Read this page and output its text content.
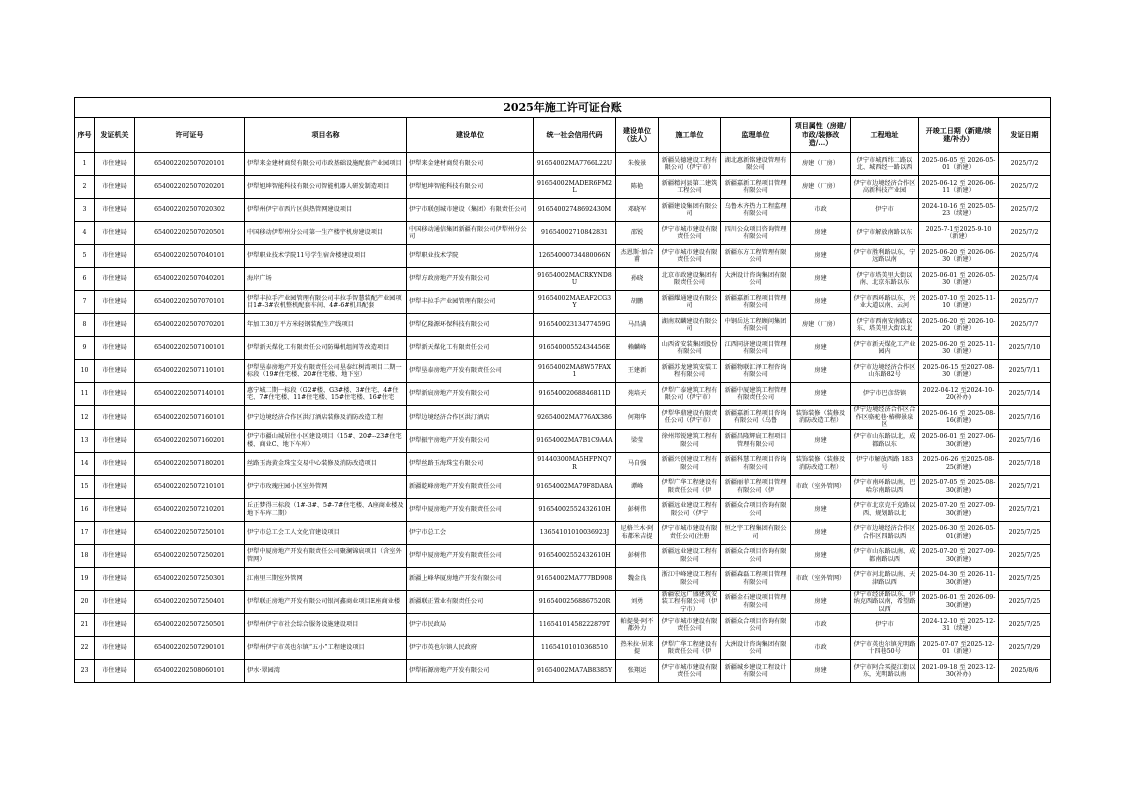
2025年施工许可证台账
序号	发证机关	许可证号	项目名称	建设单位	统一社会信用代码	建设单位（法人）	施工单位	监理单位	项目属性（房建/市政/装修改造/…）	工程地址	开竣工日期（新建/续建/补办）	发证日期
1	市住建局	654002202507020101	伊犁来金建材商贸有限公司市政基础设施配套产业园项目	伊犁来金建材商贸有限公司	91654002MA7766L22U	朱俊景	新疆吴德建设工程有限公司（伊宁市）	湖北惠新铭建设管理有限公司	房建（厂房）	伊宁市城西纬二路以北、城西经一路以西	2025-06-05 至 2026-05-01（新建）	2025/7/2
2	市住建局	654002202507020201	伊犁旭坤智能科技有限公司智能机器人研发制造项目	伊犁旭坤智能科技有限公司	91654002MADER6FM2L	陈艳	新疆精河县第二建筑工程公司	新疆嘉新工程项目管理有限公司	房建（厂房）	伊宁市边境经济合作区高新科技产业园	2025-06-12 至 2026-06-11（新建）	2025/7/2
3	市住建局	654002202507020302	伊犁州伊宁市西片区供热管网建设项目	伊宁市联创城市建设（集团）有限责任公司	91654002748692430M	邓晓军	新疆建设集团有限公司	乌鲁木齐热力工程监理有限公司	市政	伊宁市	2024-10-16 至 2025-05-23（续建）	2025/7/2
4	市住建局	654002202507020501	中国移动伊犁州分公司第一生产楼宇机房建设项目	中国移动通信集团新疆有限公司伊犁州分公司	91654002710842831	邵锐	伊宁市城市建设有限责任公司	四川公众项目咨询管理有限公司	房建	伊宁市解放南路以东	2025-7-1至2025-9-10（新建）	2025/7/2
5	市住建局	654002202507040101	伊犁职业技术学院11号学生宿舍楼建设项目	伊犁职业技术学院	1265400073448006​6N	杰恩斯·加合甫	伊宁市城市建设有限责任公司	新疆东方工程管理有限公司	房建	伊宁市胜利路以东，宁远路以南	2025-06-20 至 2026-06-30（新建）	2025/7/4
6	市住建局	654002202507040201	海岸广场	伊犁方政房地产开发有限公司	91654002MACRKYND8U	孙晓	北京市政建设集团有限责任公司	大洲设计咨询集团有限公司	房建	伊宁市塔美里大街以南、北京东路以东	2025-06-01 至 2026-05-30（新建）	2025/7/4
7	市住建局	654002202507070101	伊犁丰拉手产业园管理有限公司丰拉手智慧装配产业园项目1#-3#农机整机配套车间、4#-6#机具配套	伊犁丰拉手产业园管理有限公司	91654002MAEAF2CG3Y	胡鹏	新疆耀通建设有限公司	新疆嘉新工程项目管理有限公司	房建	伊宁市西环路以东、兴业大道以南、云河	2025-07-10 至 2025-11-10（新建）	2025/7/7
8	市住建局	654002202507070201	年加工30万平方米轻钢装配生产线项目	伊犁亿隆源环保科技有限公司	91654002313477459G	马昌满	湖南双麟建设有限公司	中钢岳达工程顾问集团有限公司	房建（厂房）	伊宁市西南安南路以东、塔美里大街以北	2025-06-20 至 2026-10-20（新建）	2025/7/7
9	市住建局	654002202507100101	伊犁新天煤化工有限责任公司防爆机组间等改造项目	伊犁新天煤化工有限责任公司	91654000552434456E	赖麟峰	山西省安装集团股份有限公司	江西同济建设项目管理有限公司	房建	伊宁市新天煤化工产业园内	2025-06-20 至 2025-11-30（新建）	2025/7/10
10	市住建局	654002202507110101	伊犁垦泰房地产开发有限责任公司垦泰红树湾项目二期一标段（19#住宅楼、20#住宅楼、地下室）	伊犁垦泰房地产开发有限责任公司	91654002MA8W57FAX1	王建新	新疆苏龙建筑安装工程有限公司	新疆物联汇泽工程咨询有限公司	房建	伊宁市边境经济合作区山东路82号	2025-06-15 至2027-08-30（新建）	2025/7/11
11	市住建局	654002202507140101	惠宁城二期一标段（G2#楼、G3#楼、3#住宅、4#住宅、7#住宅楼、11#住宅楼、15#住宅楼、16#住宅	伊犁新宸房地产开发有限公司	91654002068846811D	苑培天	伊犁广泰建筑工程有限公司（伊宁市）	新疆中厦建筑工程管理有限责任公司	房建	伊宁市巴彦岱镇	2022-04-12 至2024-10-20(补办)	2025/7/14
12	市住建局	654002202507160101	伊宁边境经济合作区洪汀酒店装修及消防改造工程	伊犁边境经济合作区洪汀酒店	92654002MA776AX386	何翔华	伊犁华鼎建设有限责任公司（伊宁市）	新疆嘉新工程项目咨询有限公司（乌鲁	装饰装修（装修及消防改造工程）	伊宁边境经济合作区合作区骆驼巷·椿柳景泉区	2025-06-16 至 2025-08-16(新建)	2025/7/16
13	市住建局	654002202507160201	伊宁市疆山城居住小区建设项目（15#、20#--23#住宅楼、商业C、地下车库）	伊犁振宇房地产开发有限公司	91654002MA7B1C9A4A	梁莹	徐州邦锐建筑工程有限公司	新疆昌隆辉宸工程项目管理有限公司	房建	伊宁市山东路以北，成都路以东	2025-06-01 至 2027-06-30(新建)	2025/7/16
14	市住建局	654002202507180201	丝路玉海黄金珠宝交易中心装修及消防改造项目	伊犁丝路玉海珠宝有限公司	91440300MA5HFPNQ7R	马自强	新疆兴创建设工程有限公司	新疆科慧工程项目咨询有限公司	装饰装修（装修及消防改造工程）	伊宁市解放西路 183号	2025-06-26 至2025-08-25(新建)	2025/7/18
15	市住建局	654002202507210101	伊宁市玫瑰庄园小区室外管网	新疆乾峰房地产开发有限责任公司	91654002MA79F8DA8A	谭峰	伊犁广华工程建设有限责任公司（伊	新疆丽菲工程项目管理有限公司（伊	市政（室外管网）	伊宁市南环路以南，巴哈尔南路以西	2025-07-05 至 2025-08-30(新建)	2025/7/21
16	市住建局	654002202507210201	丘正梦得三标段（1#-3#、5#-7#住宅楼、A座商业楼及地下车库二期）	伊犁中厦房地产开发有限责任公司	91654002552432610H	彭树伟	新疆远业建设工程有限公司（伊宁	新疆众合项目咨询有限公司	房建	伊宁市北京克千克路以西、规划路以北	2025-07-20 至 2027-09-30(新建)	2025/7/21
17	市住建局	654002202507250101	伊宁市总工会工人文化宫建设项目	伊宁市总工会	13654101010036923J	尼格兰木·阿布都米吉提	伊宁市城市建设有限责任公司(注册	恒之宇工程集团有限公司	房建	伊宁市边境经济合作区合作区四路以西	2025-06-30 至 2026-05-01(新建)	2025/7/25
18	市住建局	654002202507250201	伊犁中厦房地产开发有限责任公司聚澜锦宸项目（含室外管网）	伊犁中厦房地产开发有限责任公司	91654002552432610H	彭树伟	新疆远业建设工程有限公司	新疆众合项目咨询有限公司	房建	伊宁市山东路以南、成都南路以西	2025-07-20 至 2027-09-30(新建)	2025/7/25
19	市住建局	654002202507250301	江南里三期室外管网	新疆上峰华厦房地产开发有限公司	91654002MA777BD908	魏金良	浙江中峰建设工程有限公司	新疆森磊工程项目管理有限公司	市政（室外管网）	伊宁市河北路以南、天津路以西	2025-04-30 至 2026-11-30(新建)	2025/7/25
20	市住建局	654002202507250401	伊犁联正房地产开发有限公司银河鑫商业项目E座商业楼	新疆联正置业有限责任公司	91654002568867520R	刘勇	新疆宏远广盛建筑安装工程有限公司（伊宁市）	新疆金石建设项目管理有限公司	房建	伊宁市经济路以东，伊纳克西路以南，希望路以西	2025-06-01 至 2026-09-30(新建)	2025/7/25
21	市住建局	654002202507250501	伊犁州伊宁市社会综合服务设施建设项目	伊宁市民政局	11654101458222879T	帕提曼·阿不都外力	伊宁市城市建设有限责任公司	新疆众合项目咨询有限公司	市政	伊宁市	2024-12-10 至 2025-12-31（续建）	2025/7/25
22	市住建局	654002202507290101	伊犁州伊宁市英也尔镇“五小”工程建设项目	伊宁市英也尔镇人民政府	11654101010368510	热米拉·居来提	伊犁广华工程建设有限责任公司（伊	大洲设计咨询集团有限公司	市政	伊宁市英也尔镇光明路十四巷50号	2025-07-07 至2025-12-01（新建）	2025/7/29
23	市住建局	654002202508060101	伊水·翠园湾	伊犁拓源房地产开发有限公司	91654002MA7AB8385Y	张翔运	伊宁市城市建设有限责任公司	新疆城乡建设工程设计有限公司	房建	伊宁市阿合买提江街以东，光明路以南	2021-09-18 至 2023-12-30(补办)	2025/8/6
